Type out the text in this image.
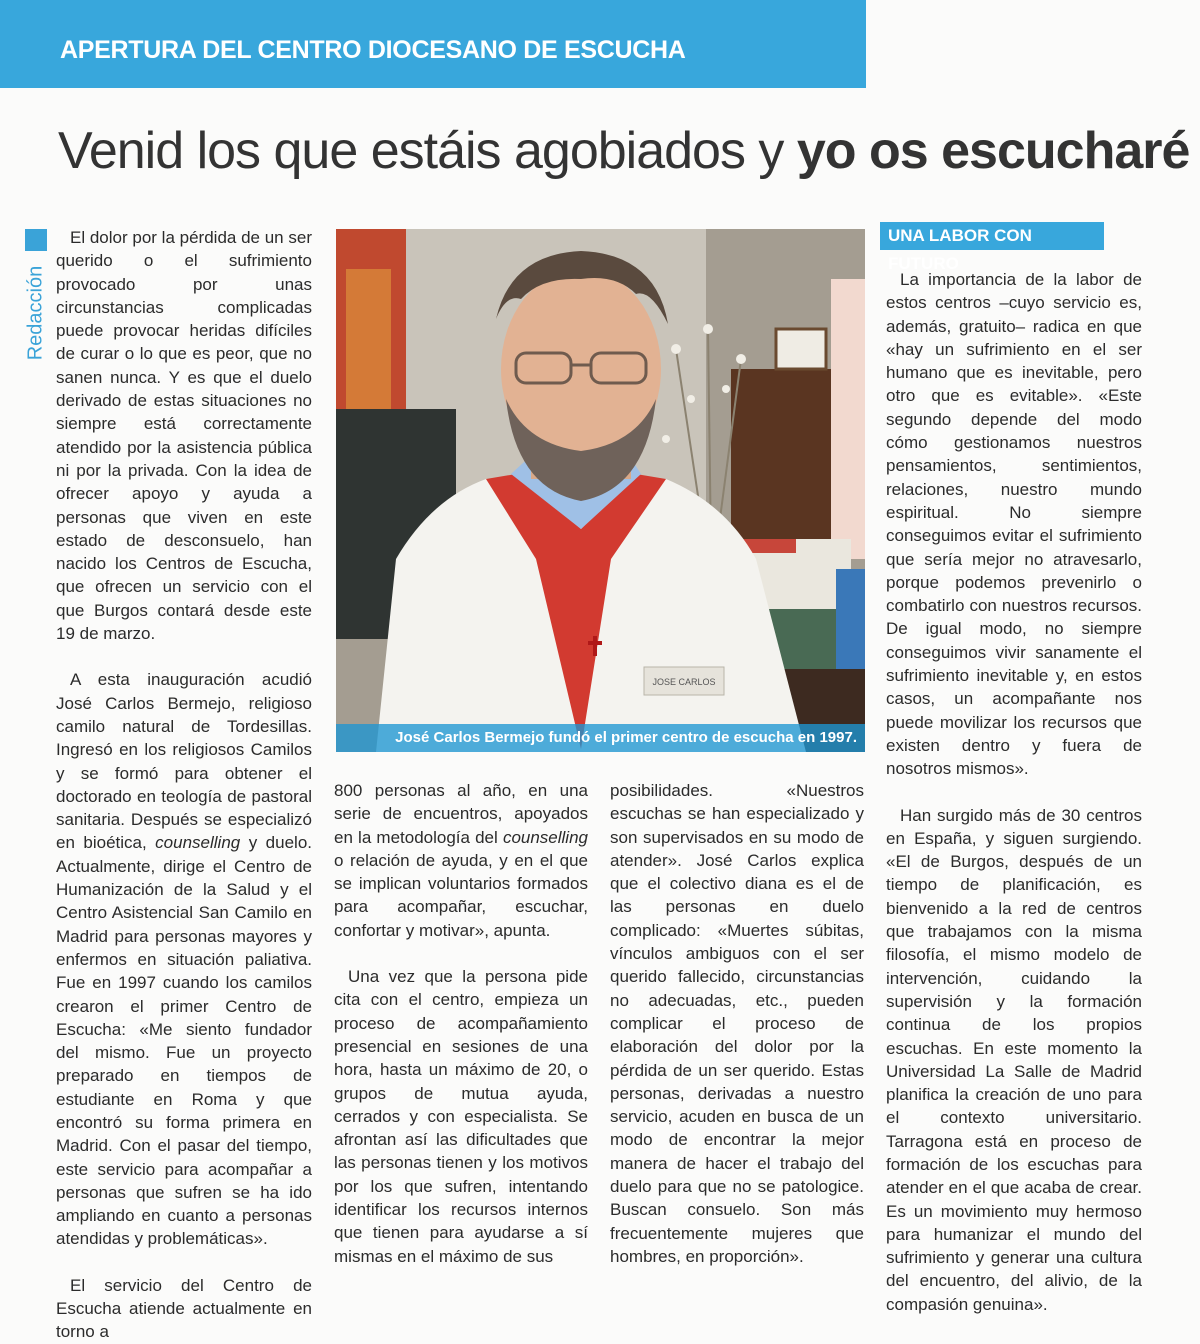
APERTURA DEL CENTRO DIOCESANO DE ESCUCHA
Venid los que estáis agobiados y yo os escucharé
Redacción

El dolor por la pérdida de un ser querido o el sufrimiento provocado por unas circunstancias complicadas puede provocar heridas difíciles de curar o lo que es peor, que no sanen nunca. Y es que el duelo derivado de estas situaciones no siempre está correctamente atendido por la asistencia pública ni por la privada. Con la idea de ofrecer apoyo y ayuda a personas que viven en este estado de desconsuelo, han nacido los Centros de Escucha, que ofrecen un servicio con el que Burgos contará desde este 19 de marzo.

A esta inauguración acudió José Carlos Bermejo, religioso camilo natural de Tordesillas. Ingresó en los religiosos Camilos y se formó para obtener el doctorado en teología de pastoral sanitaria. Después se especializó en bioética, counselling y duelo. Actualmente, dirige el Centro de Humanización de la Salud y el Centro Asistencial San Camilo en Madrid para personas mayores y enfermos en situación paliativa. Fue en 1997 cuando los camilos crearon el primer Centro de Escucha: «Me siento fundador del mismo. Fue un proyecto preparado en tiempos de estudiante en Roma y que encontró su forma primera en Madrid. Con el pasar del tiempo, este servicio para acompañar a personas que sufren se ha ido ampliando en cuanto a personas atendidas y problemáticas».

El servicio del Centro de Escucha atiende actualmente en torno a

JOSE CARLOS
José Carlos Bermejo fundó el primer centro de escucha en 1997.
UNA LABOR CON FUTURO

La importancia de la labor de estos centros –cuyo servicio es, además, gratuito– radica en que «hay un sufrimiento en el ser humano que es inevitable, pero otro que es evitable». «Este segundo depende del modo cómo gestionamos nuestros pensamientos, sentimientos, relaciones, nuestro mundo espiritual. No siempre conseguimos evitar el sufrimiento que sería mejor no atravesarlo, porque podemos prevenirlo o combatirlo con nuestros recursos. De igual modo, no siempre conseguimos vivir sanamente el sufrimiento inevitable y, en estos casos, un acompañante nos puede movilizar los recursos que existen dentro y fuera de nosotros mismos».

Han surgido más de 30 centros en España, y siguen surgiendo. «El de Burgos, después de un tiempo de planificación, es bienvenido a la red de centros que trabajamos con la misma filosofía, el mismo modelo de intervención, cuidando la supervisión y la formación continua de los propios escuchas. En este momento la Universidad La Salle de Madrid planifica la creación de uno para el contexto universitario. Tarragona está en proceso de formación de los escuchas para atender en el que acaba de crear. Es un movimiento muy hermoso para humanizar el mundo del sufrimiento y generar una cultura del encuentro, del alivio, de la compasión genuina».

800 personas al año, en una serie de encuentros, apoyados en la metodología del counselling o relación de ayuda, y en el que se implican voluntarios formados para acompañar, escuchar, confortar y motivar», apunta.

Una vez que la persona pide cita con el centro, empieza un proceso de acompañamiento presencial en sesiones de una hora, hasta un máximo de 20, o grupos de mutua ayuda, cerrados y con especialista. Se afrontan así las dificultades que las personas tienen y los motivos por los que sufren, intentando identificar los recursos internos que tienen para ayudarse a sí mismas en el máximo de sus

posibilidades. «Nuestros escuchas se han especializado y son supervisados en su modo de atender». José Carlos explica que el colectivo diana es el de las personas en duelo complicado: «Muertes súbitas, vínculos ambiguos con el ser querido fallecido, circunstancias no adecuadas, etc., pueden complicar el proceso de elaboración del dolor por la pérdida de un ser querido. Estas personas, derivadas a nuestro servicio, acuden en busca de un modo de encontrar la mejor manera de hacer el trabajo del duelo para que no se patologice. Buscan consuelo. Son más frecuentemente mujeres que hombres, en proporción».
